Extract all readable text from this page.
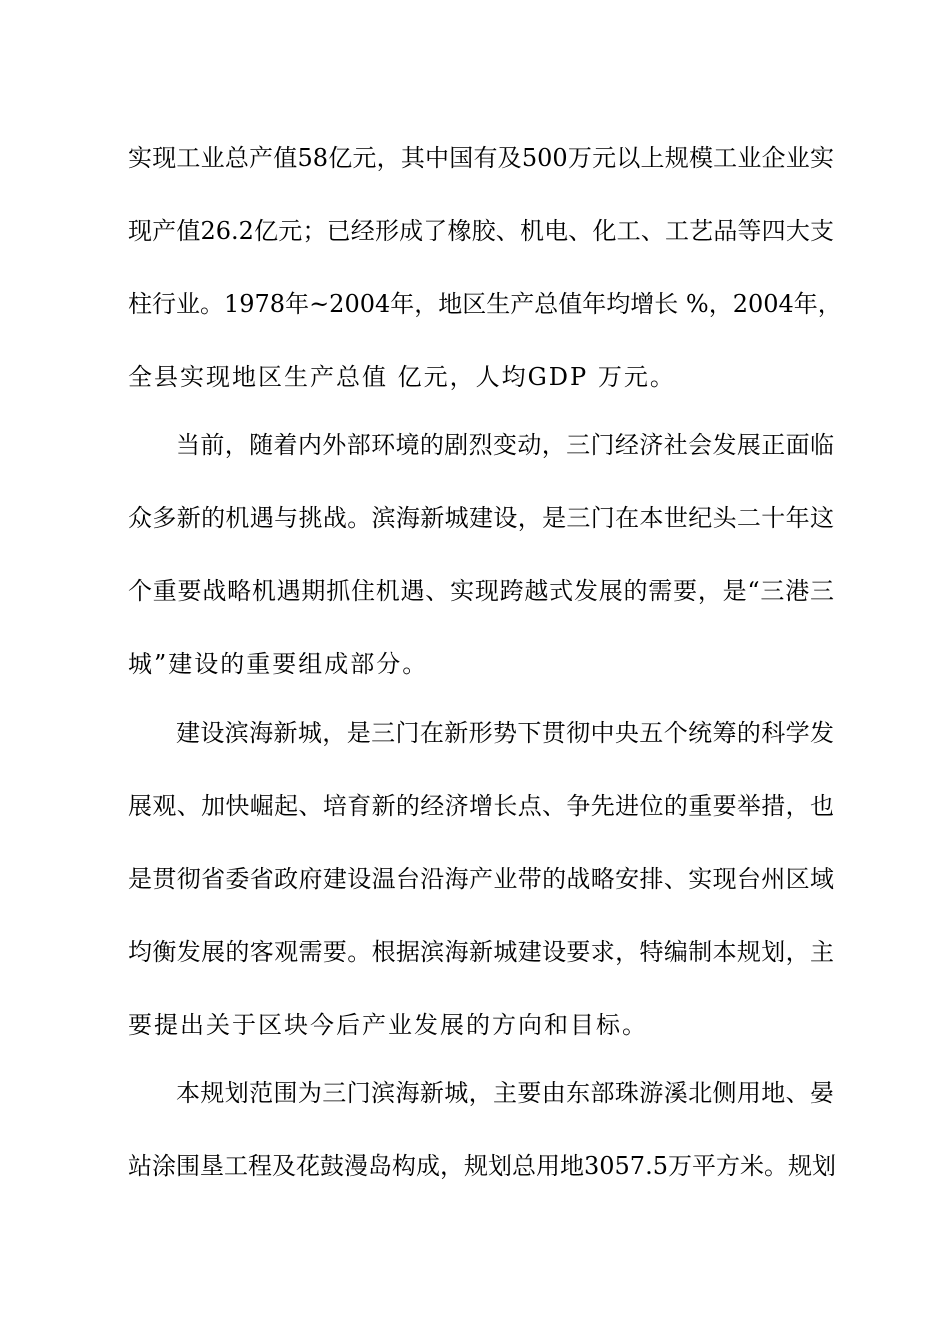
实现工业总产值58亿元，其中国有及500万元以上规模工业企业实
现产值26.2亿元；已经形成了橡胶、机电、化工、工艺品等四大支
柱行业。1978年~2004年，地区生产总值年均增长 %，2004年，
全县实现地区生产总值 亿元，人均GDP 万元。
当前，随着内外部环境的剧烈变动，三门经济社会发展正面临
众多新的机遇与挑战。滨海新城建设，是三门在本世纪头二十年这
个重要战略机遇期抓住机遇、实现跨越式发展的需要，是“三港三
城”建设的重要组成部分。
建设滨海新城，是三门在新形势下贯彻中央五个统筹的科学发
展观、加快崛起、培育新的经济增长点、争先进位的重要举措，也
是贯彻省委省政府建设温台沿海产业带的战略安排、实现台州区域
均衡发展的客观需要。根据滨海新城建设要求，特编制本规划，主
要提出关于区块今后产业发展的方向和目标。
本规划范围为三门滨海新城，主要由东部珠游溪北侧用地、晏
站涂围垦工程及花鼓漫岛构成，规划总用地3057.5万平方米。规划
